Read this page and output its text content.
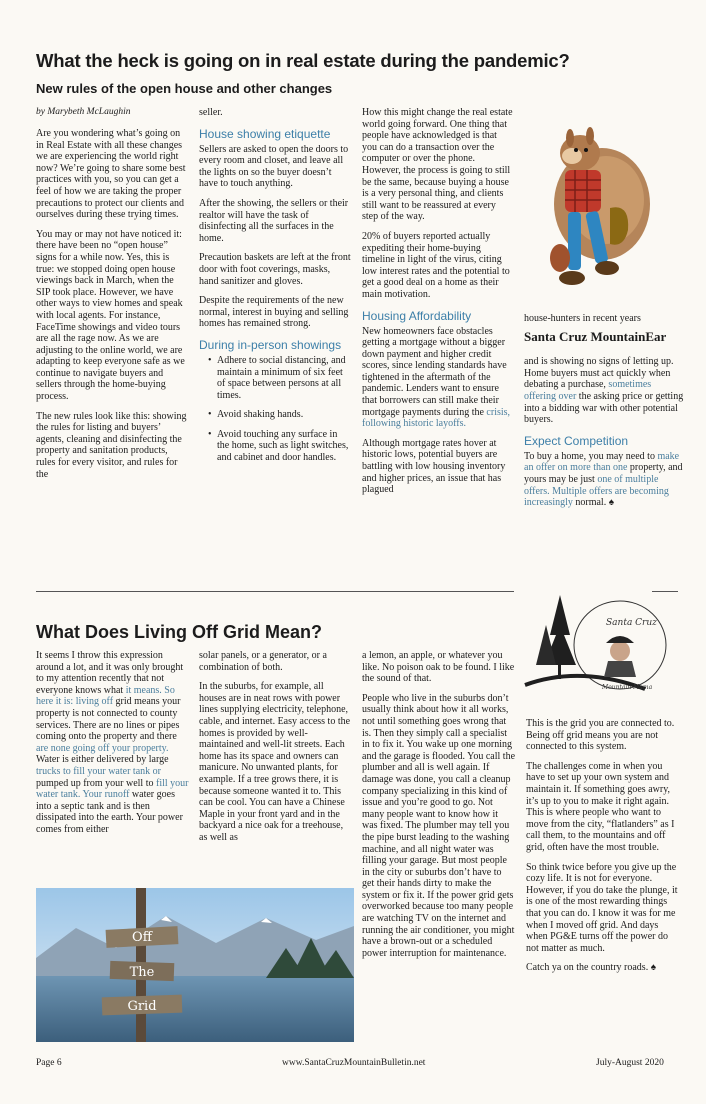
What the heck is going on in real estate during the pandemic?
New rules of the open house and other changes
by Marybeth McLaughin

Are you wondering what’s going on in Real Estate with all these changes we are experiencing the world right now? We’re going to share some best practices with you, so you can get a feel of how we are taking the proper precautions to protect our clients and ourselves during these trying times.

You may or may not have noticed it: there have been no “open house” signs for a while now. Yes, this is true: we stopped doing open house viewings back in March, when the SIP took place. However, we have other ways to view homes and speak with local agents. For instance, FaceTime showings and video tours are all the rage now. As we are adjusting to the online world, we are adapting to keep everyone safe as we continue to navigate buyers and sellers through the home-buying process.

The new rules look like this: showing the rules for listing and buyers’ agents, cleaning and disinfecting the property and sanitation products, rules for every visitor, and rules for the

seller.

House showing etiquette

Sellers are asked to open the doors to every room and closet, and leave all the lights on so the buyer doesn’t have to touch anything.

After the showing, the sellers or their realtor will have the task of disinfecting all the surfaces in the home.

Precaution baskets are left at the front door with foot coverings, masks, hand sanitizer and gloves.

Despite the requirements of the new normal, interest in buying and selling homes has remained strong.

During in-person showings
• Adhere to social distancing, and maintain a minimum of six feet of space between persons at all times.
• Avoid shaking hands.
• Avoid touching any surface in the home, such as light switches, and cabinet and door handles.

How this might change the real estate world going forward. One thing that people have acknowledged is that you can do a transaction over the computer or over the phone. However, the process is going to still be the same, because buying a house is a very personal thing, and clients still want to be reassured at every step of the way.

20% of buyers reported actually expediting their home-buying timeline in light of the virus, citing low interest rates and the potential to get a good deal on a home as their main motivation.

Housing Affordability

New homeowners face obstacles getting a mortgage without a bigger down payment and higher credit scores, since lending standards have tightened in the aftermath of the pandemic. Lenders want to ensure that borrowers can still make their mortgage payments during the crisis, following historic layoffs.

Although mortgage rates hover at historic lows, potential buyers are battling with low housing inventory and higher prices, an issue that has plagued

house-hunters in recent years

Santa Cruz MountainEar

and is showing no signs of letting up. Home buyers must act quickly when debating a purchase, sometimes offering over the asking price or getting into a bidding war with other potential buyers.

Expect Competition

To buy a home, you may need to make an offer on more than one property, and yours may be just one of multiple offers. Multiple offers are becoming increasingly normal. ♠

What Does Living Off Grid Mean?

It seems I throw this expression around a lot, and it was only brought to my attention recently that not everyone knows what it means. So here it is: living off grid means your property is not connected to county services. There are no lines or pipes coming onto the property and there are none going off your property. Water is either delivered by large trucks to fill your water tank or pumped up from your well to fill your water tank. Your runoff water goes into a septic tank and is then dissipated into the earth. Your power comes from either

solar panels, or a generator, or a combination of both.

In the suburbs, for example, all houses are in neat rows with power lines supplying electricity, telephone, cable, and internet. Easy access to the homes is provided by well-maintained and well-lit streets. Each home has its space and owners can manicure. No unwanted plants, for example. If a tree grows there, it is because someone wanted it to. This can be cool. You can have a Chinese Maple in your front yard and in the backyard a nice oak for a treehouse, as well as

a lemon, an apple, or whatever you like. No poison oak to be found. I like the sound of that.

People who live in the suburbs don’t usually think about how it all works, not until something goes wrong that is. Then they simply call a specialist in to fix it. You wake up one morning and the garage is flooded. You call the plumber and all is well again. If damage was done, you call a cleanup company specializing in this kind of issue and you’re good to go. Not many people want to know how it was fixed. The plumber may tell you the pipe burst leading to the washing machine, and all night water was filling your garage. But most people in the city or suburbs don’t have to get their hands dirty to make the system or fix it. If the power grid gets overworked because too many people are watching TV on the internet and running the air conditioner, you might have a brown-out or a scheduled power interruption for maintenance.

Santa Cruz
Mountain Mama

This is the grid you are connected to. Being off grid means you are not connected to this system.

The challenges come in when you have to set up your own system and maintain it. If something goes awry, it’s up to you to make it right again. This is where people who want to move from the city, “flatlanders” as I call them, to the mountains and off grid, often have the most trouble.

So think twice before you give up the cozy life. It is not for everyone. However, if you do take the plunge, it is one of the most rewarding things that you can do. I know it was for me when I moved off grid. And days when PG&E turns off the power do not matter as much.

Catch ya on the country roads. ♠

Off
The
Grid
Page 6	www.SantaCruzMountainBulletin.net	July-August 2020
